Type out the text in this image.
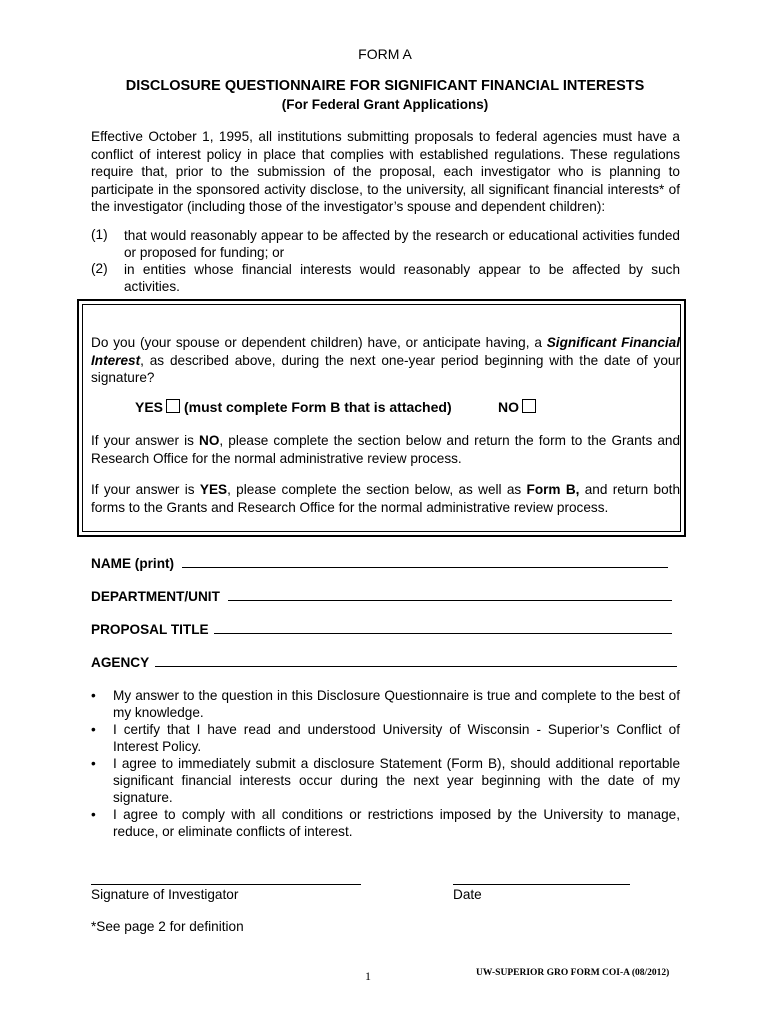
FORM A
DISCLOSURE QUESTIONNAIRE FOR SIGNIFICANT FINANCIAL INTERESTS
(For Federal Grant Applications)
Effective October 1, 1995, all institutions submitting proposals to federal agencies must have a conflict of interest policy in place that complies with established regulations. These regulations require that, prior to the submission of the proposal, each investigator who is planning to participate in the sponsored activity disclose, to the university, all significant financial interests* of the investigator (including those of the investigator’s spouse and dependent children):
(1) that would reasonably appear to be affected by the research or educational activities funded or proposed for funding; or
(2) in entities whose financial interests would reasonably appear to be affected by such activities.
Do you (your spouse or dependent children) have, or anticipate having, a Significant Financial Interest, as described above, during the next one-year period beginning with the date of your signature?
YES (must complete Form B that is attached)	NO
If your answer is NO, please complete the section below and return the form to the Grants and Research Office for the normal administrative review process.
If your answer is YES, please complete the section below, as well as Form B, and return both forms to the Grants and Research Office for the normal administrative review process.
NAME (print)
DEPARTMENT/UNIT
PROPOSAL TITLE
AGENCY
• My answer to the question in this Disclosure Questionnaire is true and complete to the best of my knowledge.
• I certify that I have read and understood University of Wisconsin - Superior’s Conflict of Interest Policy.
• I agree to immediately submit a disclosure Statement (Form B), should additional reportable significant financial interests occur during the next year beginning with the date of my signature.
• I agree to comply with all conditions or restrictions imposed by the University to manage, reduce, or eliminate conflicts of interest.
Signature of Investigator	Date
*See page 2 for definition
1	UW-SUPERIOR GRO FORM COI-A (08/2012)
